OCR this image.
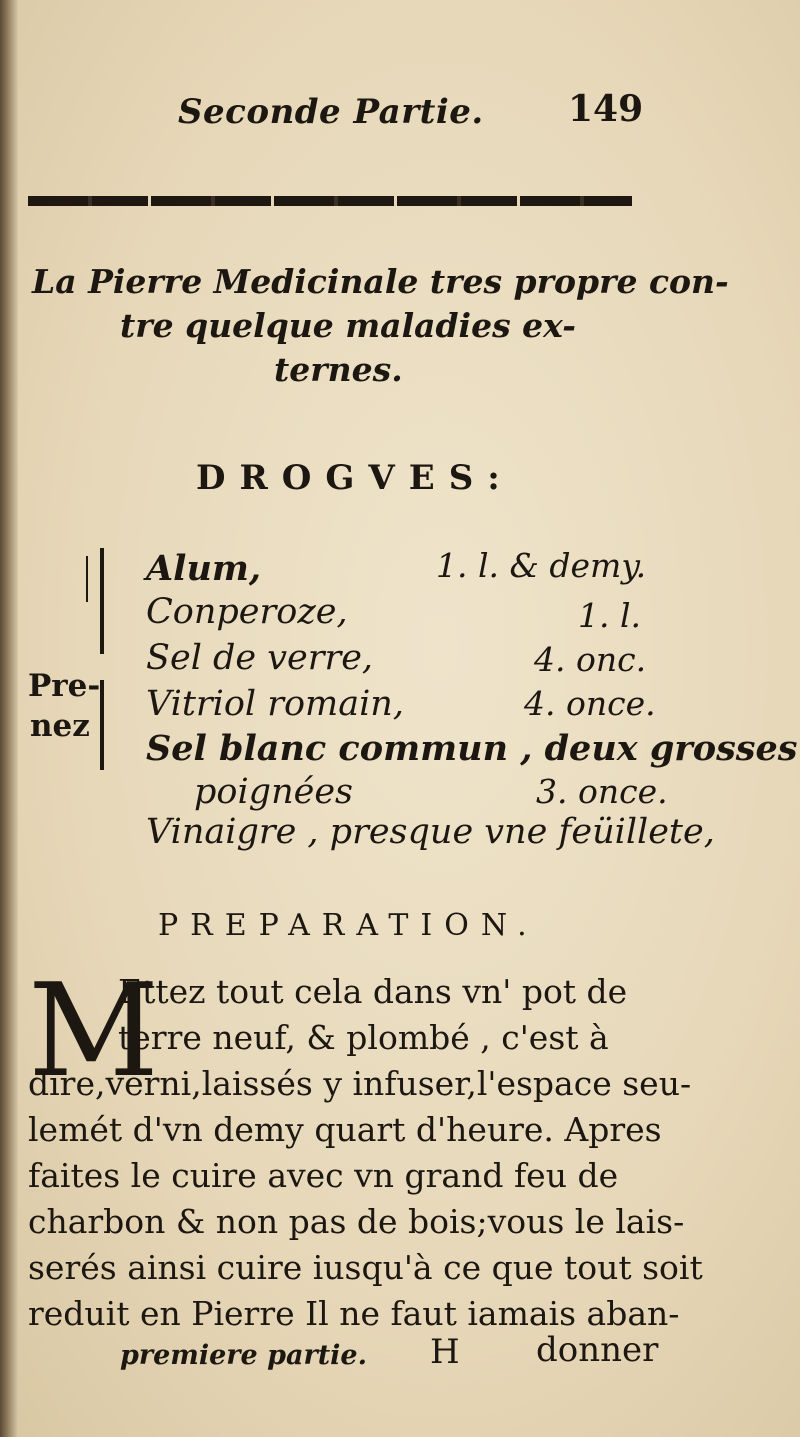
Seconde Partie. 149
La Pierre Medicinale tres propre con-
tre quelque maladies ex-
ternes.
DROGVES:
Pre-
nez
Alum,	1. l. & demy.
Conperoze,	1. l.
Sel de verre,	4. onc.
Vitriol romain,	4. once.
Sel blanc commun , deux grosses
poignées	3. once.
Vinaigre , presque vne feüillete,
PREPARATION.
M
Ettez tout cela dans vn' pot de
terre neuf, & plombé , c'est à
dire,verni,laissés y infuser,l'espace seu-
lemét d'vn demy quart d'heure. Apres
faites le cuire avec vn grand feu de
charbon & non pas de bois;vous le lais-
serés ainsi cuire iusqu'à ce que tout soit
reduit en Pierre Il ne faut iamais aban-
premiere partie. H donner
